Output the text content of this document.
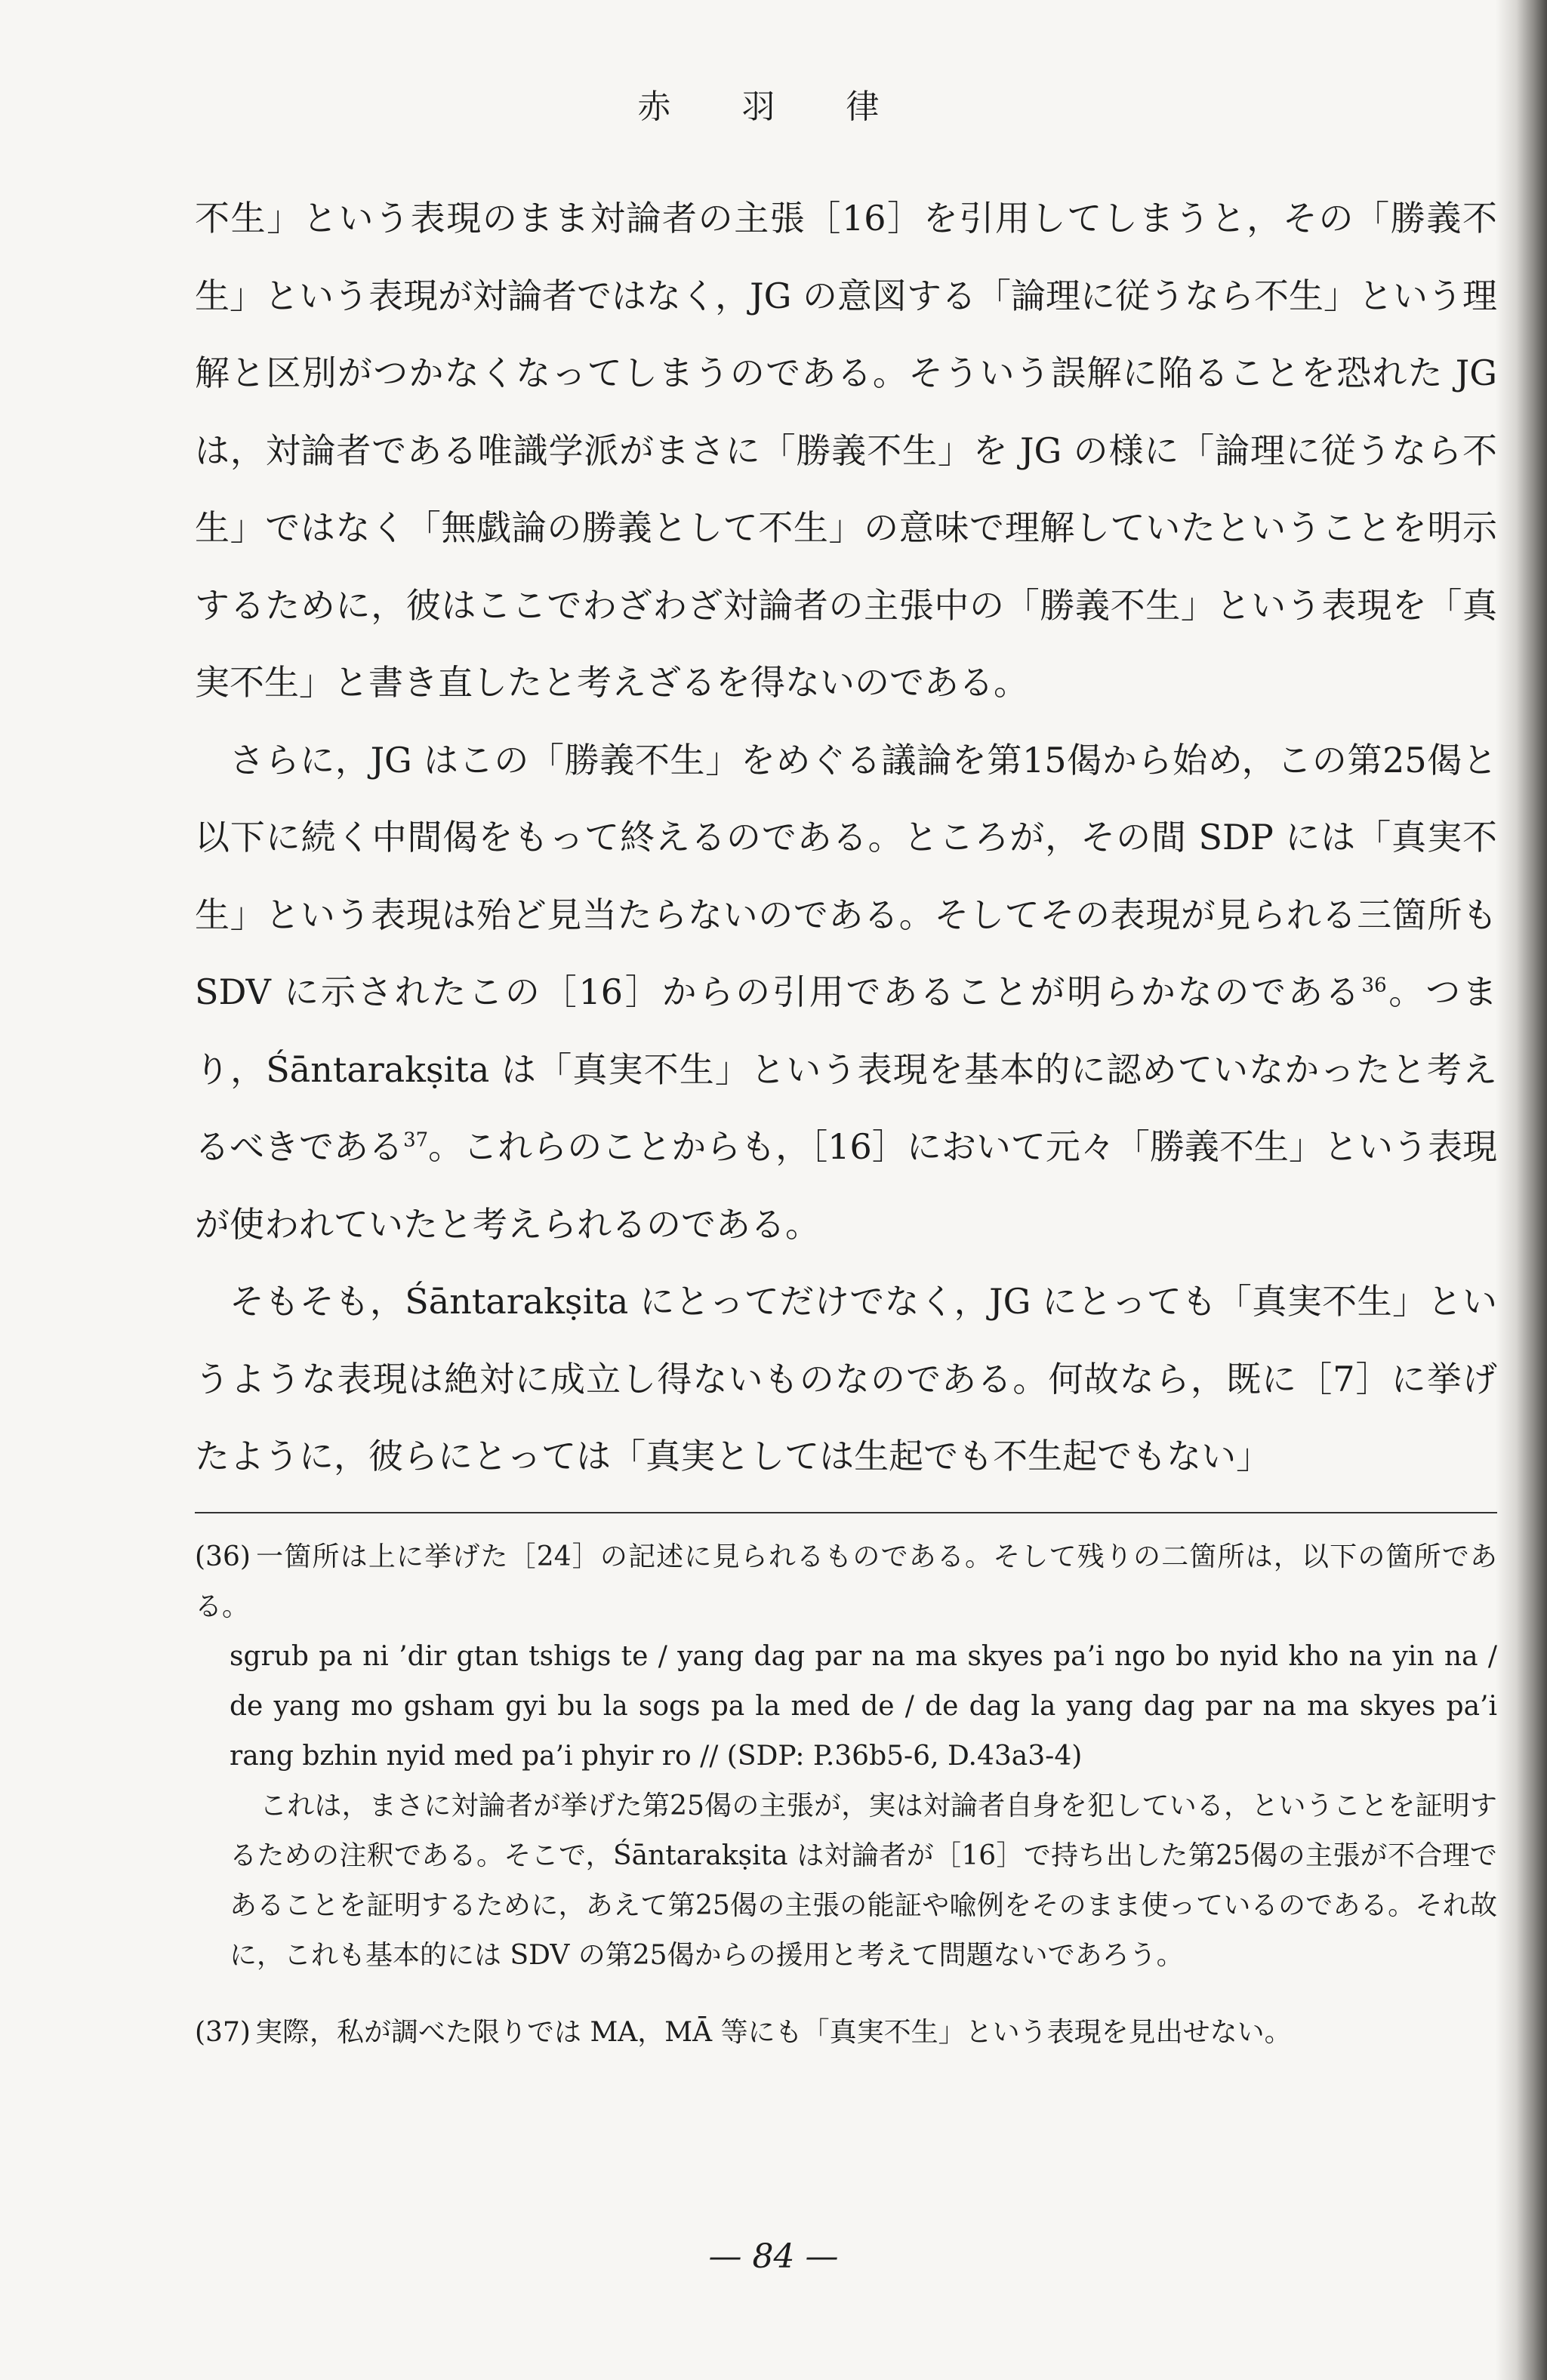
赤 羽 律

不生」という表現のまま対論者の主張［16］を引用してしまうと，その「勝義不生」という表現が対論者ではなく，JG の意図する「論理に従うなら不生」という理解と区別がつかなくなってしまうのである。そういう誤解に陥ることを恐れた JG は，対論者である唯識学派がまさに「勝義不生」を JG の様に「論理に従うなら不生」ではなく「無戯論の勝義として不生」の意味で理解していたということを明示するために，彼はここでわざわざ対論者の主張中の「勝義不生」という表現を「真実不生」と書き直したと考えざるを得ないのである。

さらに，JG はこの「勝義不生」をめぐる議論を第15偈から始め，この第25偈と以下に続く中間偈をもって終えるのである。ところが，その間 SDP には「真実不生」という表現は殆ど見当たらないのである。そしてその表現が見られる三箇所も SDV に示されたこの［16］からの引用であることが明らかなのである$^{36}$。つまり，Śāntarakṣita は「真実不生」という表現を基本的に認めていなかったと考えるべきである$^{37}$。これらのことからも，［16］において元々「勝義不生」という表現が使われていたと考えられるのである。

そもそも，Śāntarakṣita にとってだけでなく，JG にとっても「真実不生」というような表現は絶対に成立し得ないものなのである。何故なら，既に［7］に挙げたように，彼らにとっては「真実としては生起でも不生起でもない」

(36) 一箇所は上に挙げた［24］の記述に見られるものである。そして残りの二箇所は，以下の箇所である。

sgrub pa ni ’dir gtan tshigs te / yang dag par na ma skyes pa’i ngo bo nyid kho na yin na / de yang mo gsham gyi bu la sogs pa la med de / de dag la yang dag par na ma skyes pa’i rang bzhin nyid med pa’i phyir ro // (SDP: P.36b5-6, D.43a3-4)

これは，まさに対論者が挙げた第25偈の主張が，実は対論者自身を犯している，ということを証明するための注釈である。そこで，Śāntarakṣita は対論者が［16］で持ち出した第25偈の主張が不合理であることを証明するために，あえて第25偈の主張の能証や喩例をそのまま使っているのである。それ故に，これも基本的には SDV の第25偈からの援用と考えて問題ないであろう。

(37) 実際，私が調べた限りでは MA，MĀ 等にも「真実不生」という表現を見出せない。

— 84 —
